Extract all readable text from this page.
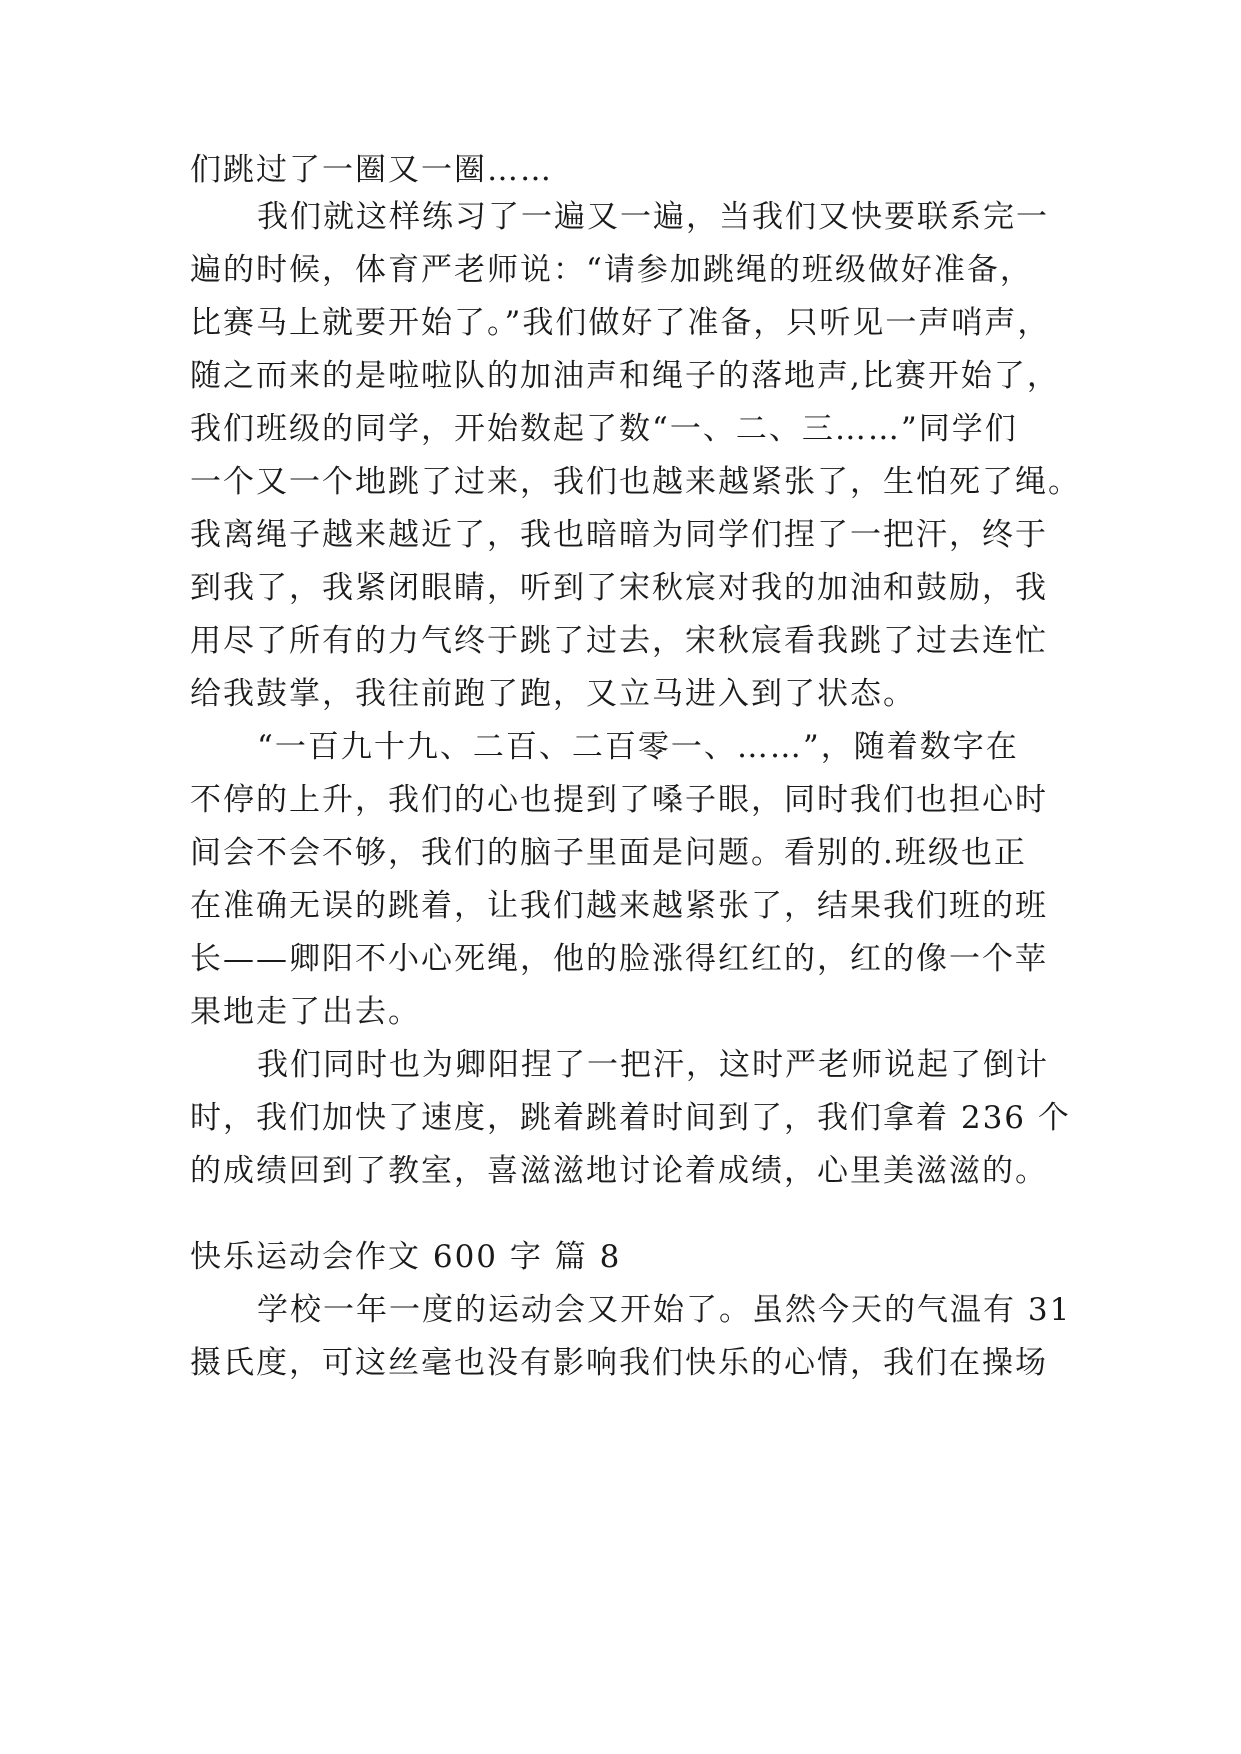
们跳过了一圈又一圈……
我们就这样练习了一遍又一遍，当我们又快要联系完一
遍的时候，体育严老师说：“请参加跳绳的班级做好准备，
比赛马上就要开始了。”我们做好了准备，只听见一声哨声，
随之而来的是啦啦队的加油声和绳子的落地声,比赛开始了，
我们班级的同学，开始数起了数“一、二、三……”同学们
一个又一个地跳了过来，我们也越来越紧张了，生怕死了绳。
我离绳子越来越近了，我也暗暗为同学们捏了一把汗，终于
到我了，我紧闭眼睛，听到了宋秋宸对我的加油和鼓励，我
用尽了所有的力气终于跳了过去，宋秋宸看我跳了过去连忙
给我鼓掌，我往前跑了跑，又立马进入到了状态。
“一百九十九、二百、二百零一、……”，随着数字在
不停的上升，我们的心也提到了嗓子眼，同时我们也担心时
间会不会不够，我们的脑子里面是问题。看别的.班级也正
在准确无误的跳着，让我们越来越紧张了，结果我们班的班
长——卿阳不小心死绳，他的脸涨得红红的，红的像一个苹
果地走了出去。
我们同时也为卿阳捏了一把汗，这时严老师说起了倒计
时，我们加快了速度，跳着跳着时间到了，我们拿着 236 个
的成绩回到了教室，喜滋滋地讨论着成绩，心里美滋滋的。
快乐运动会作文 600 字 篇 8
学校一年一度的运动会又开始了。虽然今天的气温有 31
摄氏度，可这丝毫也没有影响我们快乐的心情，我们在操场
